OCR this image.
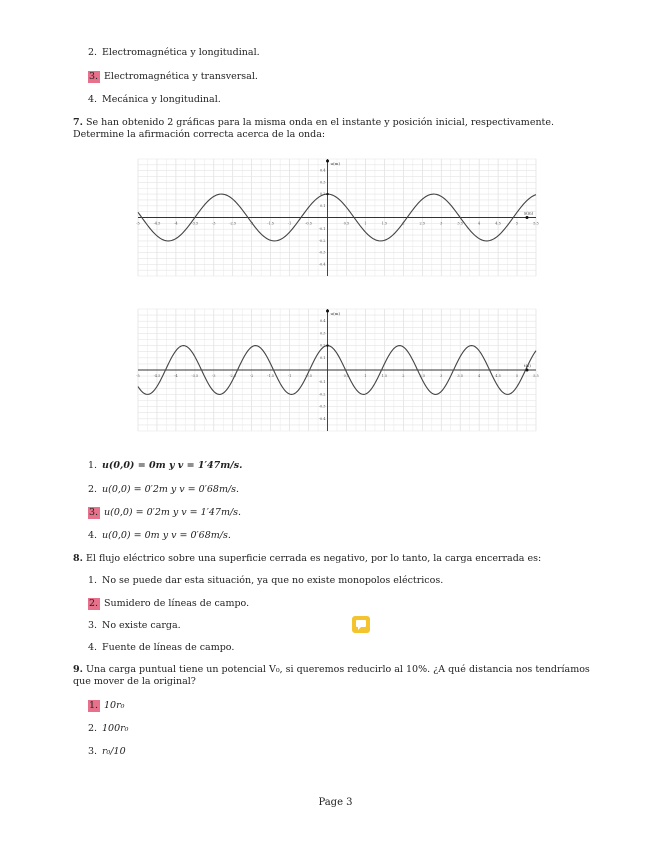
2. Electromagnética y longitudinal.
3. Electromagnética y transversal.
4. Mecánica y longitudinal.
7. Se han obtenido 2 gráficas para la misma onda en el instante y posición inicial, respectivamente. Determine la afirmación correcta acerca de la onda:
-5	-4.5	-4	-3.5	-3	-2.5	-2	-1.5	-1	-0.5	0.5	1	1.5	2	2.5	3	3.5	4	4.5	5	5.5
-0.4
-0.3
-0.2
-0.1
0.1
0.2
0.3
0.4
u(m)
x(m)
-5	-4.5	-4	-3.5	-3	-2.5	-2	-1.5	-1	-0.5	0.5	1	1.5	2	2.5	3	3.5	4	4.5	5	5.5
-0.4
-0.3
-0.2
-0.1
0.1
0.2
0.3
0.4
u(m)
t(s)
1. u(0,0) = 0m y v = 1′47m/s.
2. u(0,0) = 0′2m y v = 0′68m/s.
3. u(0,0) = 0′2m y v = 1′47m/s.
4. u(0,0) = 0m y v = 0′68m/s.
8. El flujo eléctrico sobre una superficie cerrada es negativo, por lo tanto, la carga encerrada es:
1. No se puede dar esta situación, ya que no existe monopolos eléctricos.
2. Sumidero de líneas de campo.
3. No existe carga.
4. Fuente de líneas de campo.
9. Una carga puntual tiene un potencial V₀, si queremos reducirlo al 10%. ¿A qué distancia nos tendríamos que mover de la original?
1. 10r₀
2. 100r₀
3. r₀/10
Page 3
